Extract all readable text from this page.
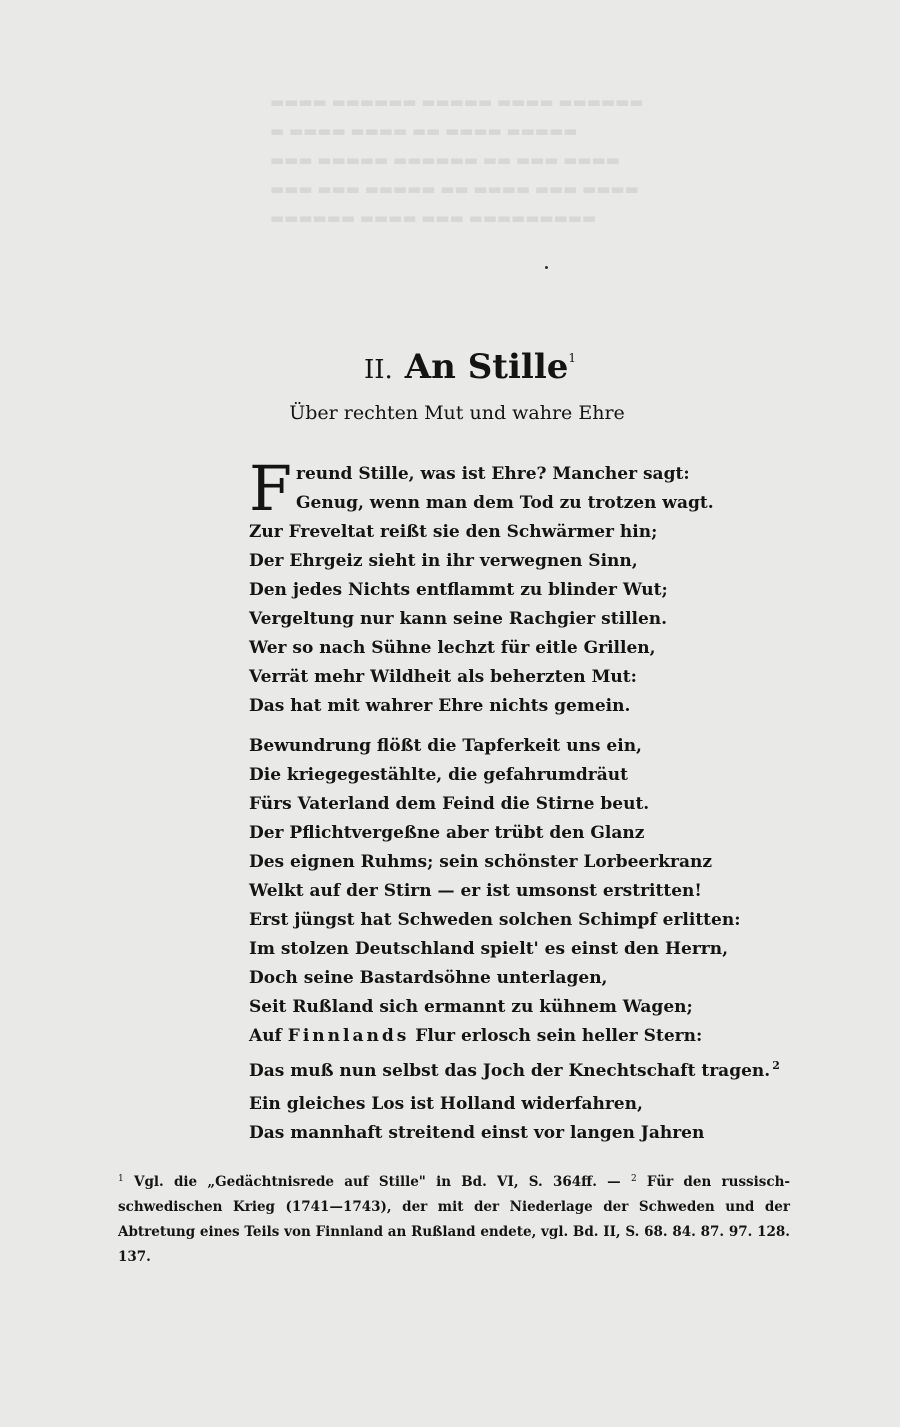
▬▬▬▬ ▬▬▬▬▬▬ ▬▬▬▬▬ ▬▬▬▬ ▬▬▬▬▬▬
▬ ▬▬▬▬ ▬▬▬▬ ▬▬ ▬▬▬▬ ▬▬▬▬▬
▬▬▬ ▬▬▬▬▬ ▬▬▬▬▬▬ ▬▬ ▬▬▬ ▬▬▬▬
▬▬▬ ▬▬▬ ▬▬▬▬▬ ▬▬ ▬▬▬▬ ▬▬▬ ▬▬▬▬
▬▬▬▬▬▬ ▬▬▬▬ ▬▬▬ ▬▬▬▬▬▬▬▬▬
II. An Stille$^1$
Über rechten Mut und wahre Ehre
F reund Stille, was ist Ehre? Mancher sagt:
Genug, wenn man dem Tod zu trotzen wagt.
Zur Freveltat reißt sie den Schwärmer hin;
Der Ehrgeiz sieht in ihr verwegnen Sinn,
Den jedes Nichts entflammt zu blinder Wut;
Vergeltung nur kann seine Rachgier stillen.
Wer so nach Sühne lechzt für eitle Grillen,
Verrät mehr Wildheit als beherzten Mut:
Das hat mit wahrer Ehre nichts gemein.
Bewundrung flößt die Tapferkeit uns ein,
Die kriegegestählte, die gefahrumdräut
Fürs Vaterland dem Feind die Stirne beut.
Der Pflichtvergeßne aber trübt den Glanz
Des eignen Ruhms; sein schönster Lorbeerkranz
Welkt auf der Stirn — er ist umsonst erstritten!
Erst jüngst hat Schweden solchen Schimpf erlitten:
Im stolzen Deutschland spielt' es einst den Herrn,
Doch seine Bastardsöhne unterlagen,
Seit Rußland sich ermannt zu kühnem Wagen;
Auf Finnlands Flur erlosch sein heller Stern:
Das muß nun selbst das Joch der Knechtschaft tragen. $^2$
Ein gleiches Los ist Holland widerfahren,
Das mannhaft streitend einst vor langen Jahren
$^1$ Vgl. die „Gedächtnisrede auf Stille" in Bd. VI, S. 364ff. — $^2$ Für den russisch-schwedischen Krieg (1741—1743), der mit der Niederlage der Schweden und der Abtretung eines Teils von Finnland an Rußland endete, vgl. Bd. II, S. 68. 84. 87. 97. 128. 137.
